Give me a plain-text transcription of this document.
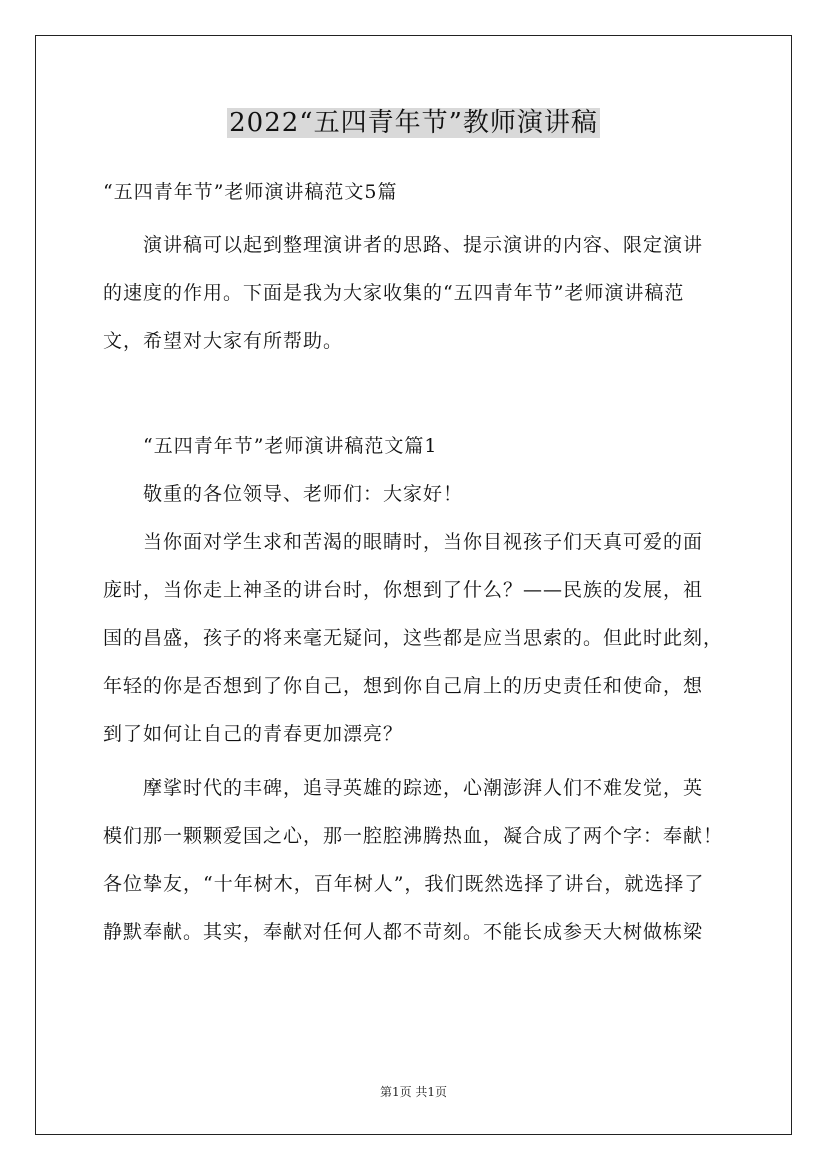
2022“五四青年节”教师演讲稿
“五四青年节”老师演讲稿范文5篇
演讲稿可以起到整理演讲者的思路、提示演讲的内容、限定演讲
的速度的作用。下面是我为大家收集的“五四青年节”老师演讲稿范
文，希望对大家有所帮助。
“五四青年节”老师演讲稿范文篇1
敬重的各位领导、老师们：大家好！
当你面对学生求和苦渴的眼睛时，当你目视孩子们天真可爱的面
庞时，当你走上神圣的讲台时，你想到了什么？——民族的发展，祖
国的昌盛，孩子的将来毫无疑问，这些都是应当思索的。但此时此刻，
年轻的你是否想到了你自己，想到你自己肩上的历史责任和使命，想
到了如何让自己的青春更加漂亮？
摩挲时代的丰碑，追寻英雄的踪迹，心潮澎湃人们不难发觉，英
模们那一颗颗爱国之心，那一腔腔沸腾热血，凝合成了两个字：奉献！
各位挚友，“十年树木，百年树人”，我们既然选择了讲台，就选择了
静默奉献。其实，奉献对任何人都不苛刻。不能长成参天大树做栋梁
第1页 共1页
